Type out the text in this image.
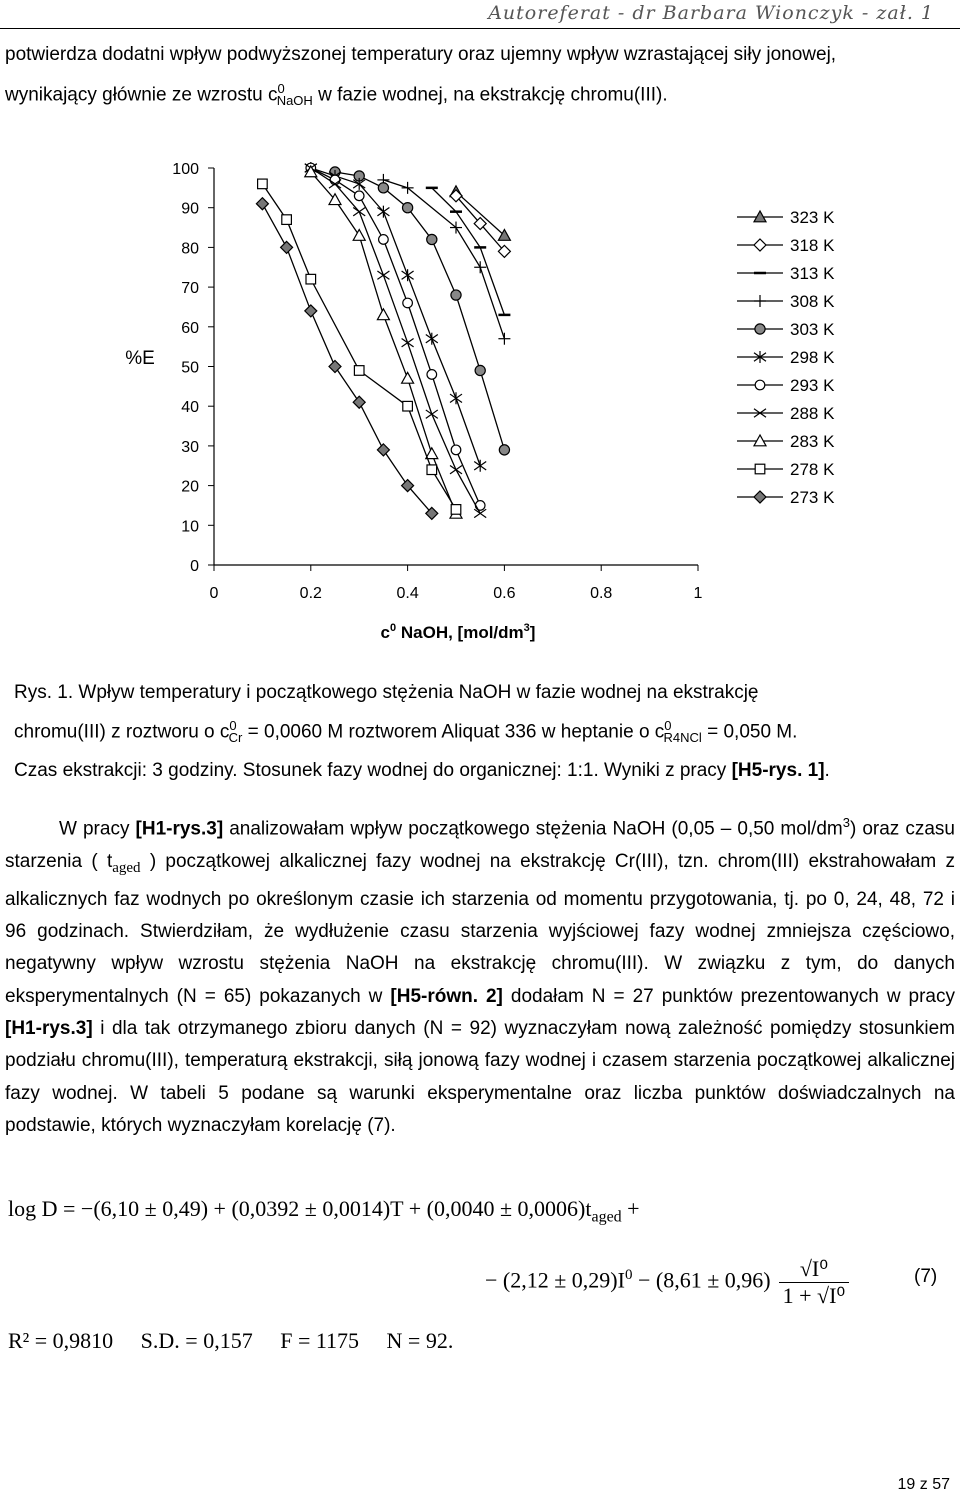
Autoreferat - dr Barbara Wionczyk - zał. 1
potwierdza dodatni wpływ podwyższonej temperatury oraz ujemny wpływ wzrastającej siły jonowej,
wynikający głównie ze wzrostu $c^0_{NaOH}$ w fazie wodnej, na ekstrakcję chromu(III).
0
10
20
30
40
50
60
70
80
90
100
0	0.2	0.4	0.6	0.8	1
323 K
318 K
313 K
308 K
303 K
298 K
293 K
288 K
283 K
278 K
273 K
%E
$c^0$ NaOH, $[mol/dm^3]$
Rys. 1. Wpływ temperatury i początkowego stężenia NaOH w fazie wodnej na ekstrakcję
chromu(III) z roztworu o $c^0_{Cr} = 0,0060$ M roztworem Aliquat 336 w heptanie o $c^0_{R4NCl} = 0,050$ M.
Czas ekstrakcji: 3 godziny. Stosunek fazy wodnej do organicznej: 1:1. Wyniki z pracy [H5-rys. 1].
W pracy [H1-rys.3] analizowałam wpływ początkowego stężenia NaOH (0,05 – 0,50 mol/$dm^3$) oraz czasu starzenia ( $t_{aged}$ ) początkowej alkalicznej fazy wodnej na ekstrakcję Cr(III), tzn. chrom(III) ekstrahowałam z alkalicznych faz wodnych po określonym czasie ich starzenia od momentu przygotowania, tj. po 0, 24, 48, 72 i 96 godzinach. Stwierdziłam, że wydłużenie czasu starzenia wyjściowej fazy wodnej zmniejsza częściowo, negatywny wpływ wzrostu stężenia NaOH na ekstrakcję chromu(III). W związku z tym, do danych eksperymentalnych (N = 65) pokazanych w [H5-równ. 2] dodałam N = 27 punktów prezentowanych w pracy [H1-rys.3] i dla tak otrzymanego zbioru danych (N = 92) wyznaczyłam nową zależność pomiędzy stosunkiem podziału chromu(III), temperaturą ekstrakcji, siłą jonową fazy wodnej i czasem starzenia początkowej alkalicznej fazy wodnej. W tabeli 5 podane są warunki eksperymentalne oraz liczba punktów doświadczalnych na podstawie, których wyznaczyłam korelację (7).
$\log D = -(6,10 \pm 0,49) + (0,0392 \pm 0,0014)T + (0,0040 \pm 0,0006)t_{aged}$ +
− $(2,12 \pm 0,29)I^0 - (8,61 \pm 0,96) \frac{\text{√I⁰}}{\text{1 + √I⁰}}$	(7)
R² = 0,9810     S.D. = 0,157     F = 1175     N = 92.
19 z 57
